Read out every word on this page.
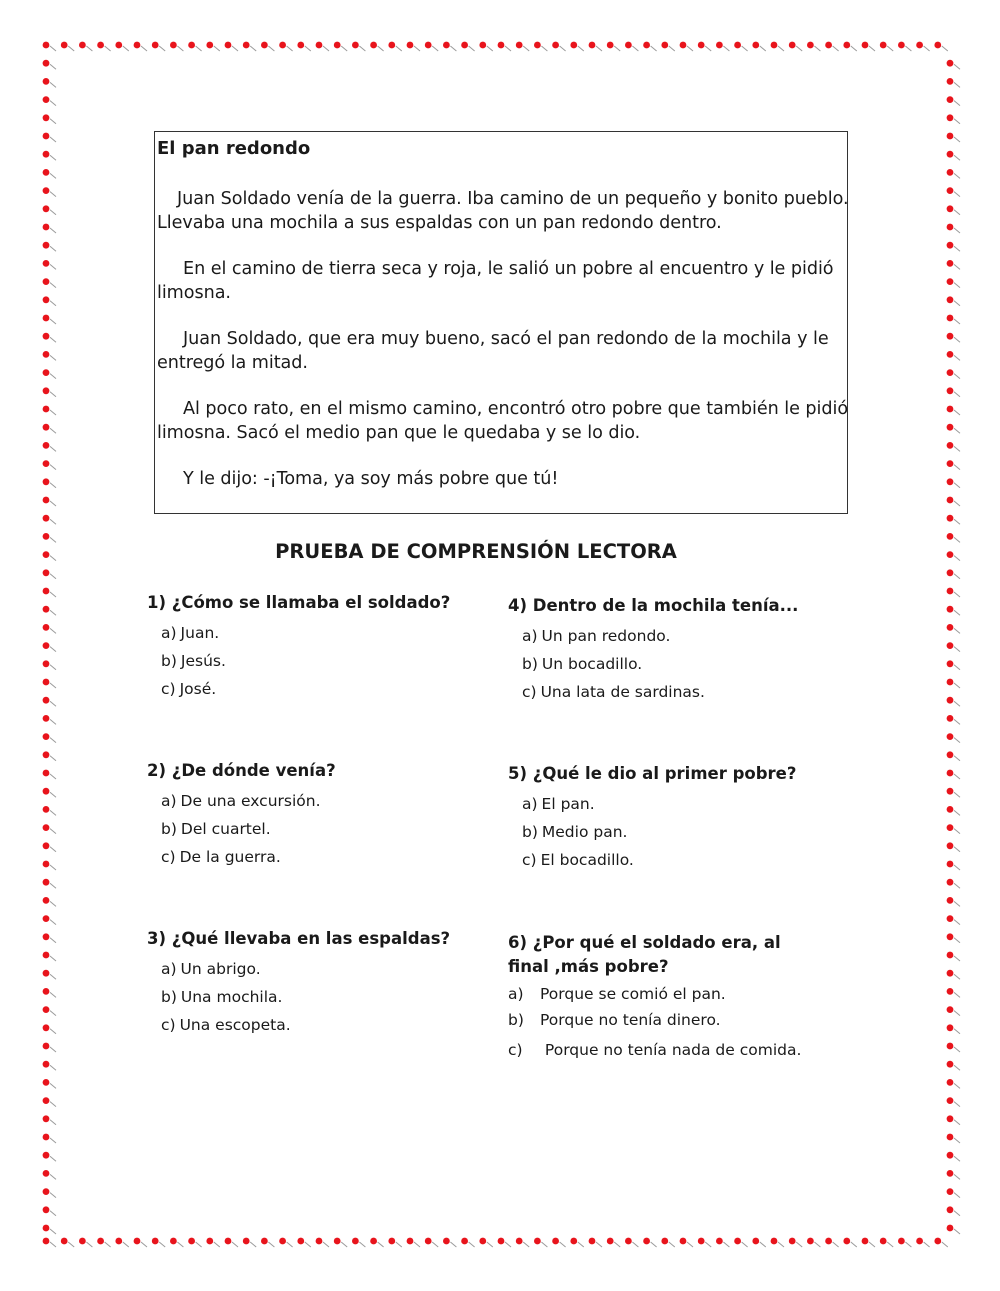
El pan redondo

Juan Soldado venía de la guerra. Iba camino de un pequeño y bonito pueblo. Llevaba una mochila a sus espaldas con un pan redondo dentro.

En el camino de tierra seca y roja, le salió un pobre al encuentro y le pidió limosna.

Juan Soldado, que era muy bueno, sacó el pan redondo de la mochila y le entregó la mitad.

Al poco rato, en el mismo camino, encontró otro pobre que también le pidió limosna. Sacó el medio pan que le quedaba y se lo dio.

Y le dijo: -¡Toma, ya soy más pobre que tú!

PRUEBA DE COMPRENSIÓN LECTORA

1) ¿Cómo se llamaba el soldado?

a) Juan.
b) Jesús.
c) José.

2) ¿De dónde venía?

a) De una excursión.
b) Del cuartel.
c) De la guerra.

3) ¿Qué llevaba en las espaldas?

a) Un abrigo.
b) Una mochila.
c) Una escopeta.

4) Dentro de la mochila tenía...

a) Un pan redondo.
b) Un bocadillo.
c) Una lata de sardinas.

5) ¿Qué le dio al primer pobre?

a) El pan.
b) Medio pan.
c) El bocadillo.

6) ¿Por qué el soldado era, al final ,más pobre?

a) Porque se comió el pan.
b) Porque no tenía dinero.
c) Porque no tenía nada de comida.
